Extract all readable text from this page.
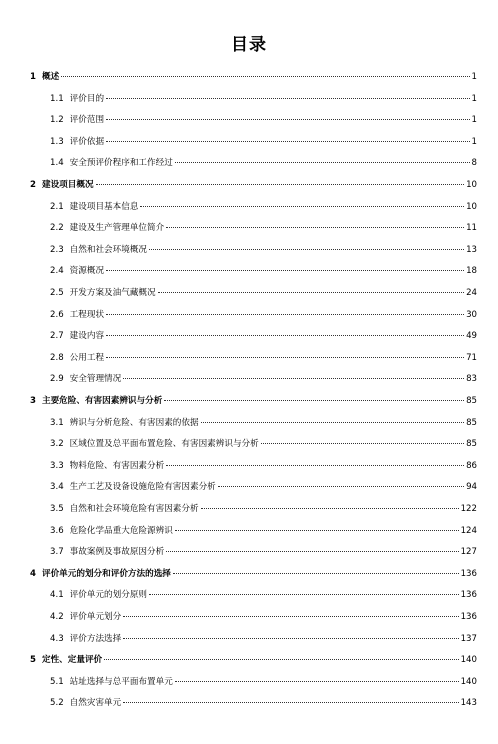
目录
1 概述	1
1.1 评价目的	1
1.2 评价范围	1
1.3 评价依据	1
1.4 安全预评价程序和工作经过	8
2 建设项目概况	10
2.1 建设项目基本信息	10
2.2 建设及生产管理单位简介	11
2.3 自然和社会环境概况	13
2.4 资源概况	18
2.5 开发方案及油气藏概况	24
2.6 工程现状	30
2.7 建设内容	49
2.8 公用工程	71
2.9 安全管理情况	83
3 主要危险、有害因素辨识与分析	85
3.1 辨识与分析危险、有害因素的依据	85
3.2 区域位置及总平面布置危险、有害因素辨识与分析	85
3.3 物料危险、有害因素分析	86
3.4 生产工艺及设备设施危险有害因素分析	94
3.5 自然和社会环境危险有害因素分析	122
3.6 危险化学品重大危险源辨识	124
3.7 事故案例及事故原因分析	127
4 评价单元的划分和评价方法的选择	136
4.1 评价单元的划分原则	136
4.2 评价单元划分	136
4.3 评价方法选择	137
5 定性、定量评价	140
5.1 站址选择与总平面布置单元	140
5.2 自然灾害单元	143
